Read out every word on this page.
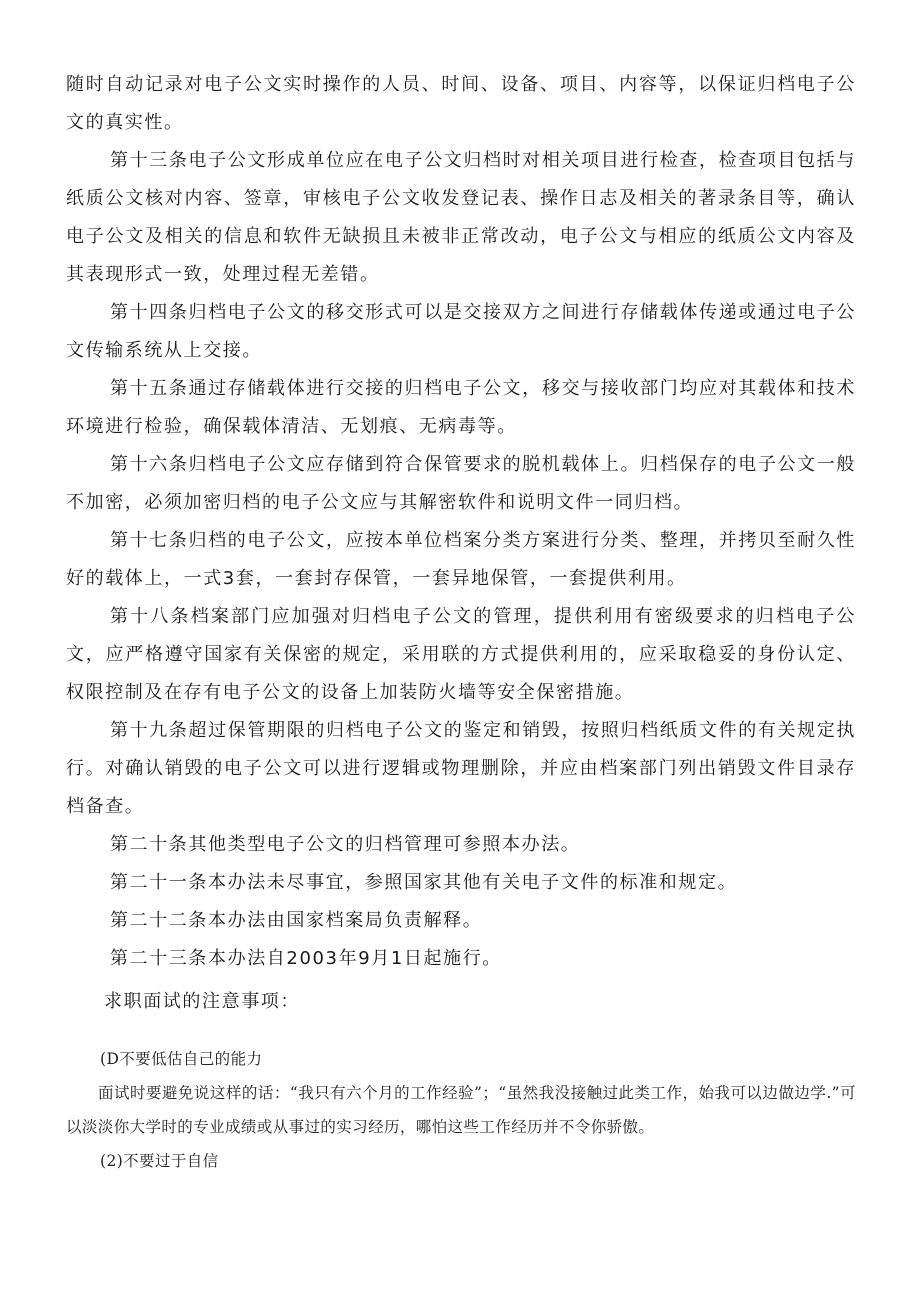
随时自动记录对电子公文实时操作的人员、时间、设备、项目、内容等，以保证归档电子公文的真实性。

第十三条电子公文形成单位应在电子公文归档时对相关项目进行检查，检查项目包括与纸质公文核对内容、签章，审核电子公文收发登记表、操作日志及相关的著录条目等，确认电子公文及相关的信息和软件无缺损且未被非正常改动，电子公文与相应的纸质公文内容及其表现形式一致，处理过程无差错。

第十四条归档电子公文的移交形式可以是交接双方之间进行存储载体传递或通过电子公文传输系统从上交接。

第十五条通过存储载体进行交接的归档电子公文，移交与接收部门均应对其载体和技术环境进行检验，确保载体清洁、无划痕、无病毒等。

第十六条归档电子公文应存储到符合保管要求的脱机载体上。归档保存的电子公文一般不加密，必须加密归档的电子公文应与其解密软件和说明文件一同归档。

第十七条归档的电子公文，应按本单位档案分类方案进行分类、整理，并拷贝至耐久性好的载体上，一式3套，一套封存保管，一套异地保管，一套提供利用。

第十八条档案部门应加强对归档电子公文的管理，提供利用有密级要求的归档电子公文，应严格遵守国家有关保密的规定，采用联的方式提供利用的，应采取稳妥的身份认定、权限控制及在存有电子公文的设备上加装防火墙等安全保密措施。

第十九条超过保管期限的归档电子公文的鉴定和销毁，按照归档纸质文件的有关规定执行。对确认销毁的电子公文可以进行逻辑或物理删除，并应由档案部门列出销毁文件目录存档备查。

第二十条其他类型电子公文的归档管理可参照本办法。

第二十一条本办法未尽事宜，参照国家其他有关电子文件的标准和规定。

第二十二条本办法由国家档案局负责解释。

第二十三条本办法自2003年9月1日起施行。

求职面试的注意事项：

(D不要低估自己的能力

面试时要避免说这样的话：“我只有六个月的工作经验”；“虽然我没接触过此类工作，始我可以边做边学.”可以淡淡你大学时的专业成绩或从事过的实习经历，哪怕这些工作经历并不令你骄傲。

(2)不要过于自信
